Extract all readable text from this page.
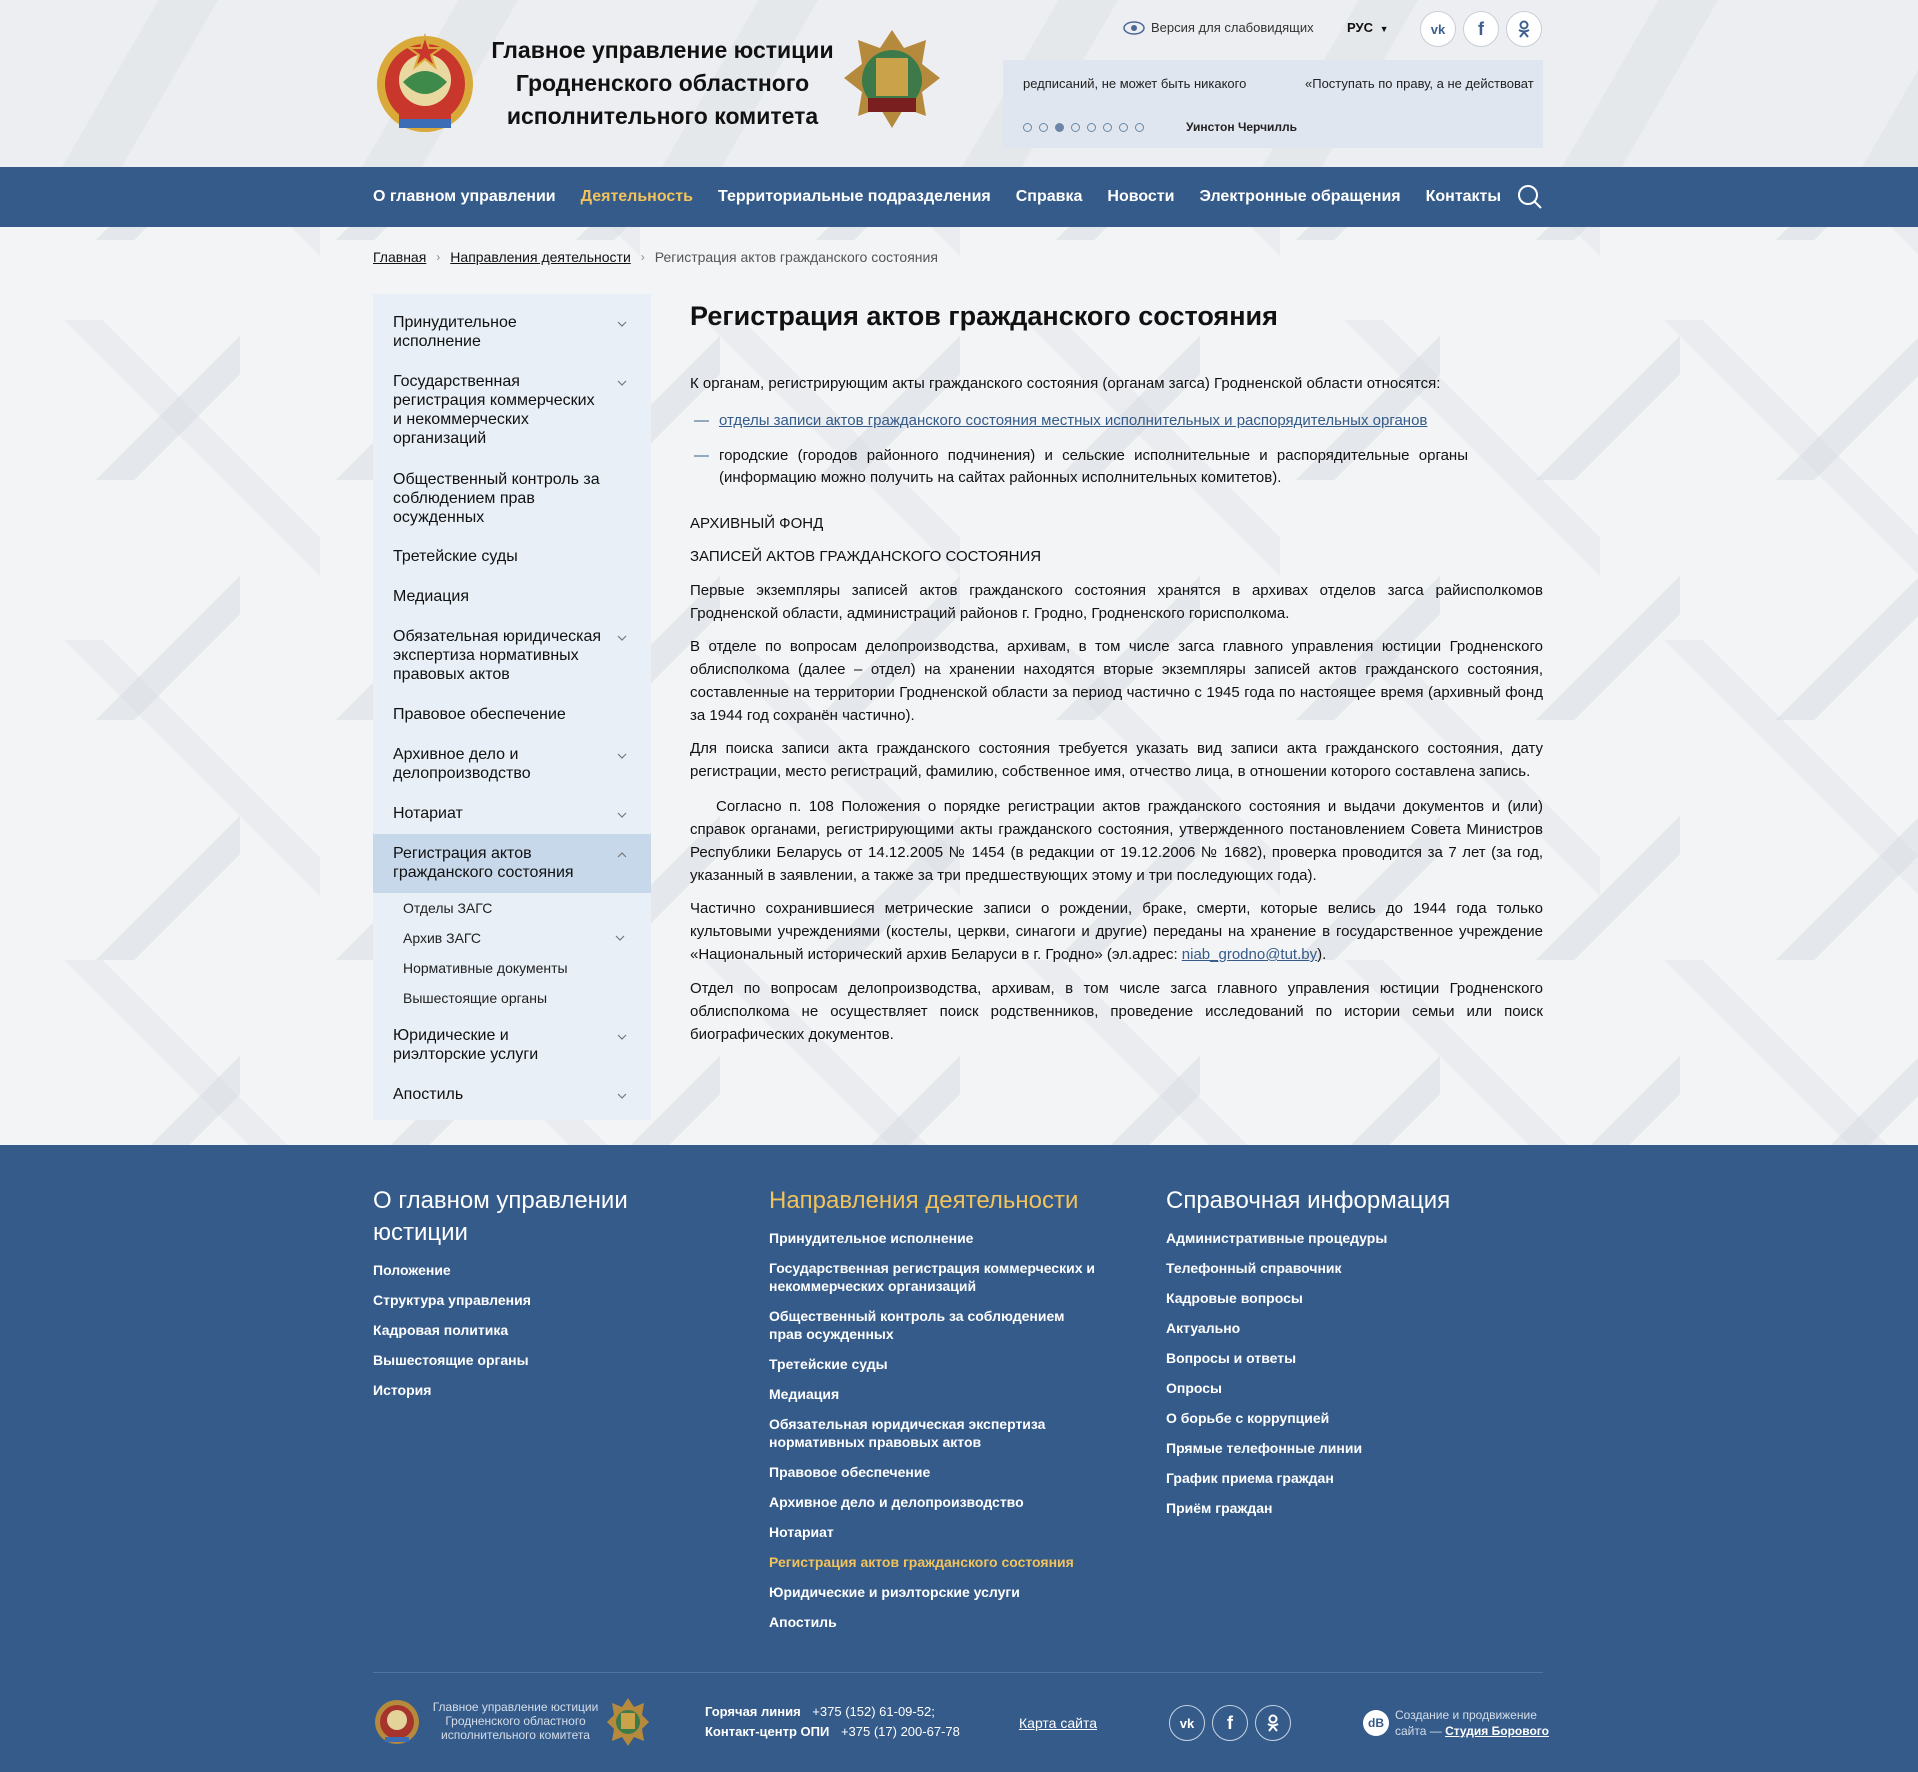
Главное управление юстиции
Гродненского областного
исполнительного комитета
Версия для слабовидящих	РУС ▼	vk f
редписаний, не может быть никакого	«Поступать по праву, а не действоват
Уинстон Черчилль
О главном управлении Деятельность Территориальные подразделения Справка Новости Электронные обращения Контакты
Главная › Направления деятельности › Регистрация актов гражданского состояния
Принудительное исполнение
Государственная регистрация коммерческих и некоммерческих организаций
Общественный контроль за соблюдением прав осужденных
Третейские суды
Медиация
Обязательная юридическая экспертиза нормативных правовых актов
Правовое обеспечение
Архивное дело и делопроизводство
Нотариат
Регистрация актов гражданского состояния
Отделы ЗАГС
Архив ЗАГС
Нормативные документы
Вышестоящие органы
Юридические и риэлторские услуги
Апостиль
Регистрация актов гражданского состояния
К органам, регистрирующим акты гражданского состояния (органам загса) Гродненской области относятся:
— отделы записи актов гражданского состояния местных исполнительных и распорядительных органов
— городские (городов районного подчинения) и сельские исполнительные и распорядительные органы (информацию можно получить на сайтах районных исполнительных комитетов).
АРХИВНЫЙ ФОНД
ЗАПИСЕЙ АКТОВ ГРАЖДАНСКОГО СОСТОЯНИЯ
Первые экземпляры записей актов гражданского состояния хранятся в архивах отделов загса райисполкомов Гродненской области, администраций районов г. Гродно, Гродненского горисполкома.
В отделе по вопросам делопроизводства, архивам, в том числе загса главного управления юстиции Гродненского облисполкома (далее – отдел) на хранении находятся вторые экземпляры записей актов гражданского состояния, составленные на территории Гродненской области за период частично с 1945 года по настоящее время (архивный фонд за 1944 год сохранён частично).
Для поиска записи акта гражданского состояния требуется указать вид записи акта гражданского состояния, дату регистрации, место регистраций, фамилию, собственное имя, отчество лица, в отношении которого составлена запись.
Согласно п. 108 Положения о порядке регистрации актов гражданского состояния и выдачи документов и (или) справок органами, регистрирующими акты гражданского состояния, утвержденного постановлением Совета Министров Республики Беларусь от 14.12.2005 № 1454 (в редакции от 19.12.2006 № 1682), проверка проводится за 7 лет (за год, указанный в заявлении, а также за три предшествующих этому и три последующих года).
Частично сохранившиеся метрические записи о рождении, браке, смерти, которые велись до 1944 года только культовыми учреждениями (костелы, церкви, синагоги и другие) переданы на хранение в государственное учреждение «Национальный исторический архив Беларуси в г. Гродно» (эл.адрес: niab_grodno@tut.by).
Отдел по вопросам делопроизводства, архивам, в том числе загса главного управления юстиции Гродненского облисполкома не осуществляет поиск родственников, проведение исследований по истории семьи или поиск биографических документов.
О главном управлении
юстиции
Положение
Структура управления
Кадровая политика
Вышестоящие органы
История
Направления деятельности
Принудительное исполнение
Государственная регистрация коммерческих и некоммерческих организаций
Общественный контроль за соблюдением прав осужденных
Третейские суды
Медиация
Обязательная юридическая экспертиза нормативных правовых актов
Правовое обеспечение
Архивное дело и делопроизводство
Нотариат
Регистрация актов гражданского состояния
Юридические и риэлторские услуги
Апостиль
Справочная информация
Административные процедуры
Телефонный справочник
Кадровые вопросы
Актуально
Вопросы и ответы
Опросы
О борьбе с коррупцией
Прямые телефонные линии
График приема граждан
Приём граждан
Главное управление юстиции
Гродненского областного
исполнительного комитета
Горячая линия +375 (152) 61-09-52;
Контакт-центр ОПИ +375 (17) 200-67-78
Карта сайта	vk f	dB
Создание и продвижение
сайта — Студия Борового
